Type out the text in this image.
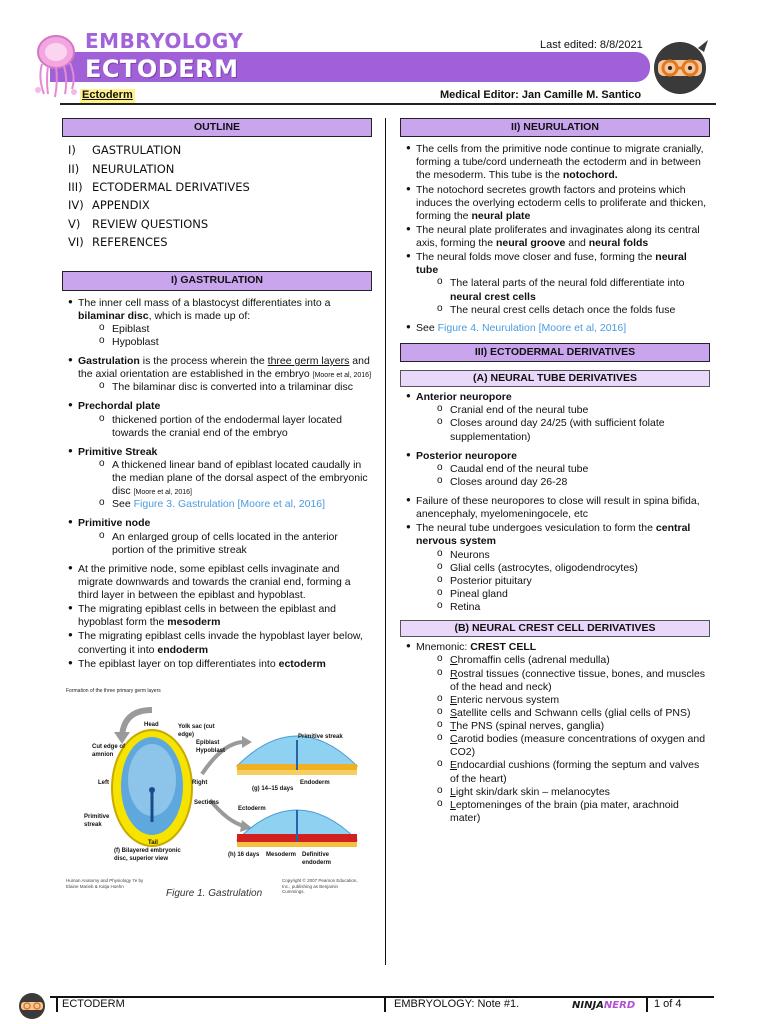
EMBRYOLOGY
ECTODERM
Last edited: 8/8/2021
Ectoderm	Medical Editor: Jan Camille M. Santico
OUTLINE
I)	GASTRULATION
II)	NEURULATION
III) ECTODERMAL DERIVATIVES
IV) APPENDIX
V)	REVIEW QUESTIONS
VI) REFERENCES
I) GASTRULATION
● The inner cell mass of a blastocyst differentiates into a bilaminar disc, which is made up of:
o Epiblast
o Hypoblast
● Gastrulation is the process wherein the three germ layers and the axial orientation are established in the embryo [Moore et al, 2016]
o The bilaminar disc is converted into a trilaminar disc
● Prechordal plate
o thickened portion of the endodermal layer located towards the cranial end of the embryo
● Primitive Streak
o A thickened linear band of epiblast located caudally in the median plane of the dorsal aspect of the embryonic disc [Moore et al, 2016]
o See Figure 3. Gastrulation [Moore et al, 2016]
● Primitive node
o An enlarged group of cells located in the anterior portion of the primitive streak
● At the primitive node, some epiblast cells invaginate and migrate downwards and towards the cranial end, forming a third layer in between the epiblast and hypoblast.
● The migrating epiblast cells in between the epiblast and hypoblast form the mesoderm
● The migrating epiblast cells invade the hypoblast layer below, converting it into endoderm
● The epiblast layer on top differentiates into ectoderm
Formation of the three primary germ layers
Head	Yolk sac (cut edge)
Cut edge of amnion
Epiblast
Hypoblast
Primitive streak
Left	Right
Sections
(g) 14–15 days
Endoderm
Ectoderm
Primitive streak
Tail
(f) Bilayered embryonic disc, superior view
(h) 16 days Mesoderm Definitive endoderm
Human Anatomy and Physiology 7e by Elaine Marieb & Katja Hoehn
Copyright © 2007 Pearson Education, Inc., publishing as Benjamin Cummings.
Figure 1. Gastrulation
II) NEURULATION
● The cells from the primitive node continue to migrate cranially, forming a tube/cord underneath the ectoderm and in between the mesoderm. This tube is the notochord.
● The notochord secretes growth factors and proteins which induces the overlying ectoderm cells to proliferate and thicken, forming the neural plate
● The neural plate proliferates and invaginates along its central axis, forming the neural groove and neural folds
● The neural folds move closer and fuse, forming the neural tube
o The lateral parts of the neural fold differentiate into neural crest cells
o The neural crest cells detach once the folds fuse
● See Figure 4. Neurulation [Moore et al, 2016]
III) ECTODERMAL DERIVATIVES
(A) NEURAL TUBE DERIVATIVES
● Anterior neuropore
o Cranial end of the neural tube
o Closes around day 24/25 (with sufficient folate supplementation)
● Posterior neuropore
o Caudal end of the neural tube
o Closes around day 26-28
● Failure of these neuropores to close will result in spina bifida, anencephaly, myelomeningocele, etc
● The neural tube undergoes vesiculation to form the central nervous system
o Neurons
o Glial cells (astrocytes, oligodendrocytes)
o Posterior pituitary
o Pineal gland
o Retina
(B) NEURAL CREST CELL DERIVATIVES
● Mnemonic: CREST CELL
o Chromaffin cells (adrenal medulla)
o Rostral tissues (connective tissue, bones, and muscles of the head and neck)
o Enteric nervous system
o Satellite cells and Schwann cells (glial cells of PNS)
o The PNS (spinal nerves, ganglia)
o Carotid bodies (measure concentrations of oxygen and CO2)
o Endocardial cushions (forming the septum and valves of the heart)
o Light skin/dark skin – melanocytes
o Leptomeninges of the brain (pia mater, arachnoid mater)
ECTODERM	EMBRYOLOGY: Note #1.	NINJANERD 1 of 4
